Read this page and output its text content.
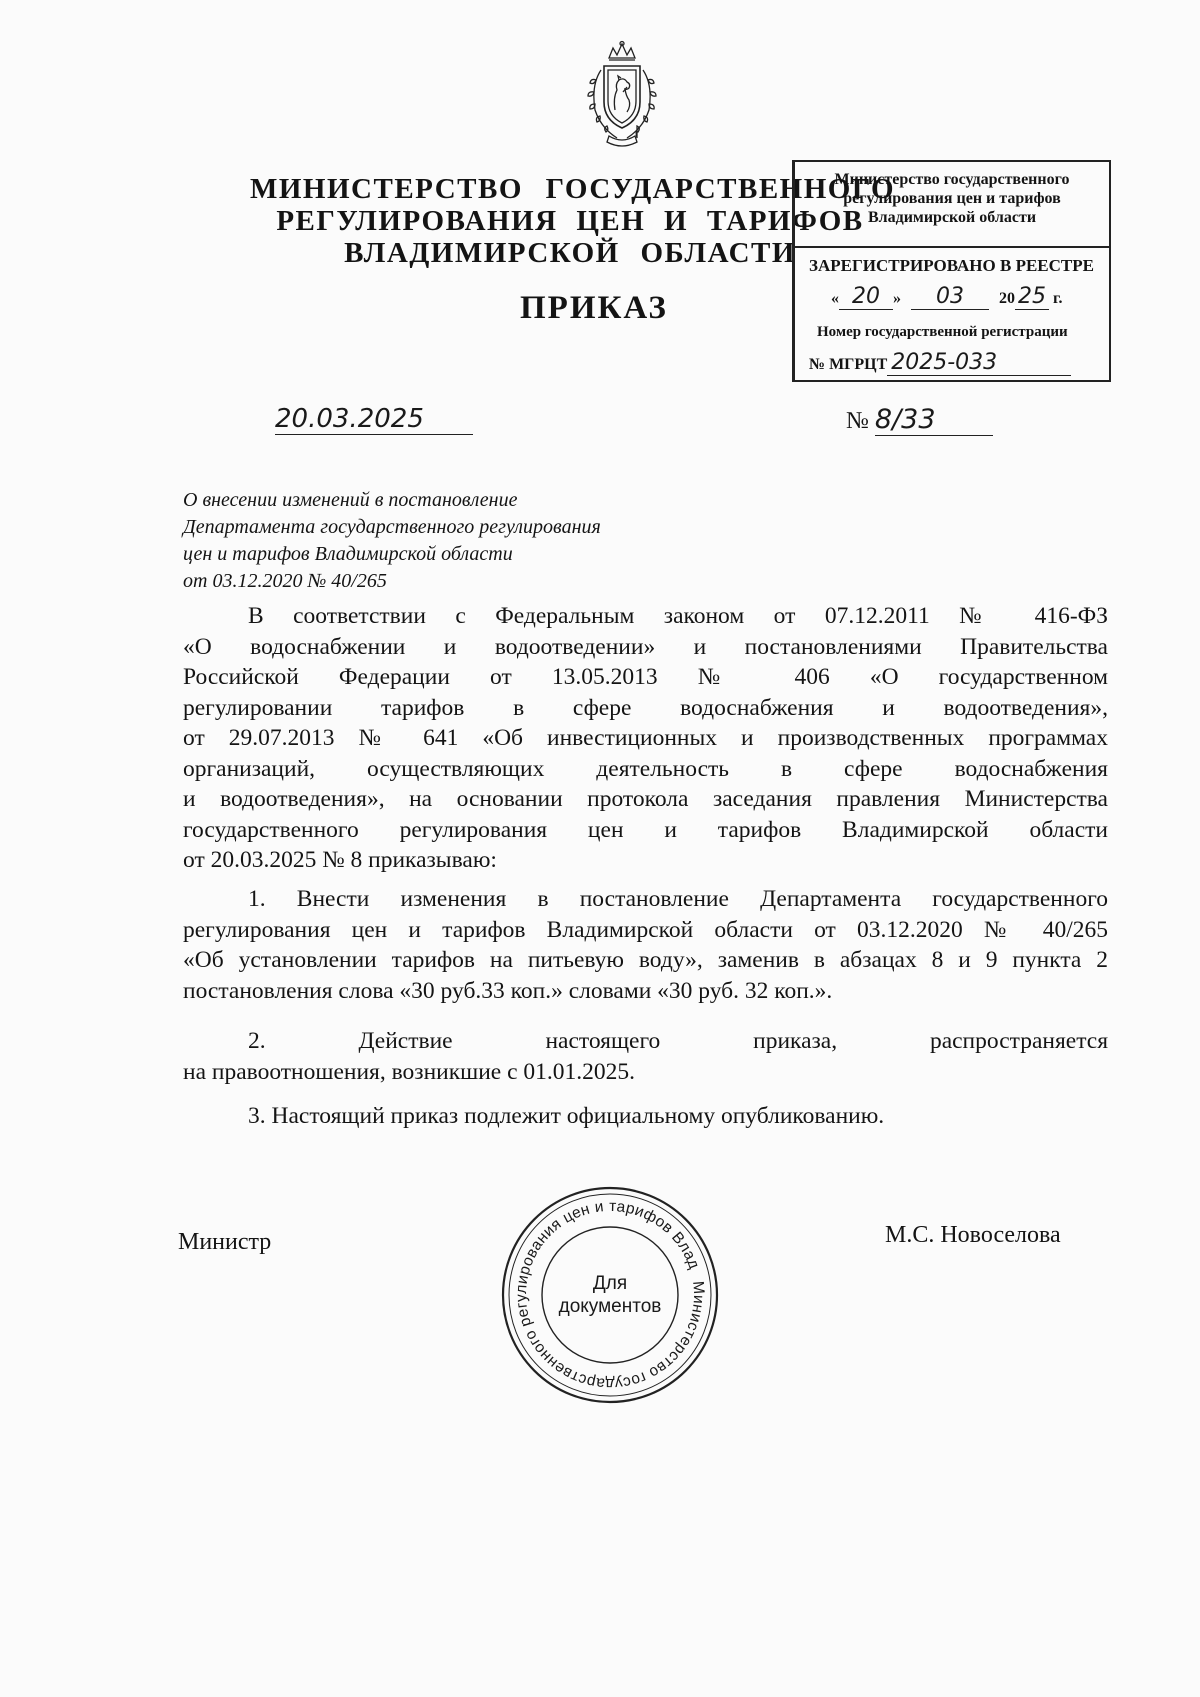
МИНИСТЕРСТВО ГОСУДАРСТВЕННОГО
РЕГУЛИРОВАНИЯ ЦЕН И ТАРИФОВ
ВЛАДИМИРСКОЙ ОБЛАСТИ
ПРИКАЗ
Министерство государственного
регулирования цен и тарифов
Владимирской области
ЗАРЕГИСТРИРОВАНО В РЕЕСТРЕ
« 20 » 03 20 25 г.
Номер государственной регистрации
№ МГРЦТ 2025-033
20.03.2025	№ 8/33
О внесении изменений в постановление
Департамента государственного регулирования
цен и тарифов Владимирской области
от 03.12.2020 № 40/265
В соответствии с Федеральным законом от 07.12.2011 № 416-ФЗ
«О водоснабжении и водоотведении» и постановлениями Правительства
Российской Федерации от 13.05.2013 № 406 «О государственном
регулировании тарифов в сфере водоснабжения и водоотведения»,
от 29.07.2013 № 641 «Об инвестиционных и производственных программах
организаций, осуществляющих деятельность в сфере водоснабжения
и водоотведения», на основании протокола заседания правления Министерства
государственного регулирования цен и тарифов Владимирской области
от 20.03.2025 № 8 приказываю:
1. Внести изменения в постановление Департамента государственного
регулирования цен и тарифов Владимирской области от 03.12.2020 № 40/265
«Об установлении тарифов на питьевую воду», заменив в абзацах 8 и 9 пункта 2
постановления слова «30 руб.33 коп.» словами «30 руб. 32 коп.».
2. Действие настоящего приказа, распространяется
на правоотношения, возникшие с 01.01.2025.
3. Настоящий приказ подлежит официальному опубликованию.
Министр	М.С. Новоселова
Министерство государственного регулирования цен и тарифов Владимирской
Для
документов
